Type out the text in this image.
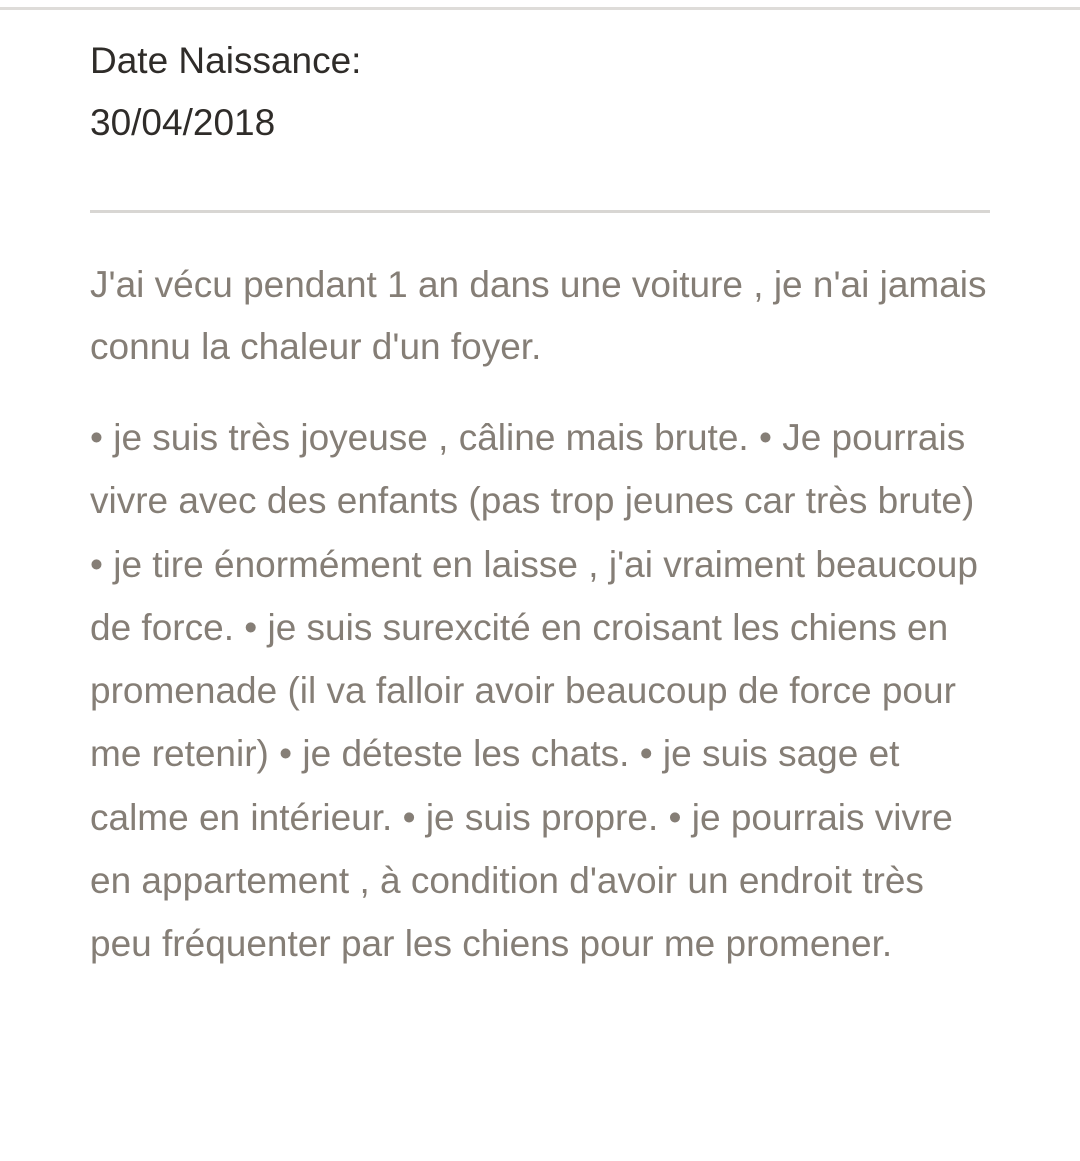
Date Naissance:

30/04/2018

J'ai vécu pendant 1 an dans une voiture , je n'ai jamais connu la chaleur d'un foyer.

• je suis très joyeuse , câline mais brute. • Je pourrais vivre avec des enfants (pas trop jeunes car très brute) • je tire énormément en laisse , j'ai vraiment beaucoup de force. • je suis surexcité en croisant les chiens en promenade (il va falloir avoir beaucoup de force pour me retenir) • je déteste les chats. • je suis sage et calme en intérieur. • je suis propre. • je pourrais vivre en appartement , à condition d'avoir un endroit très peu fréquenter par les chiens pour me promener.
